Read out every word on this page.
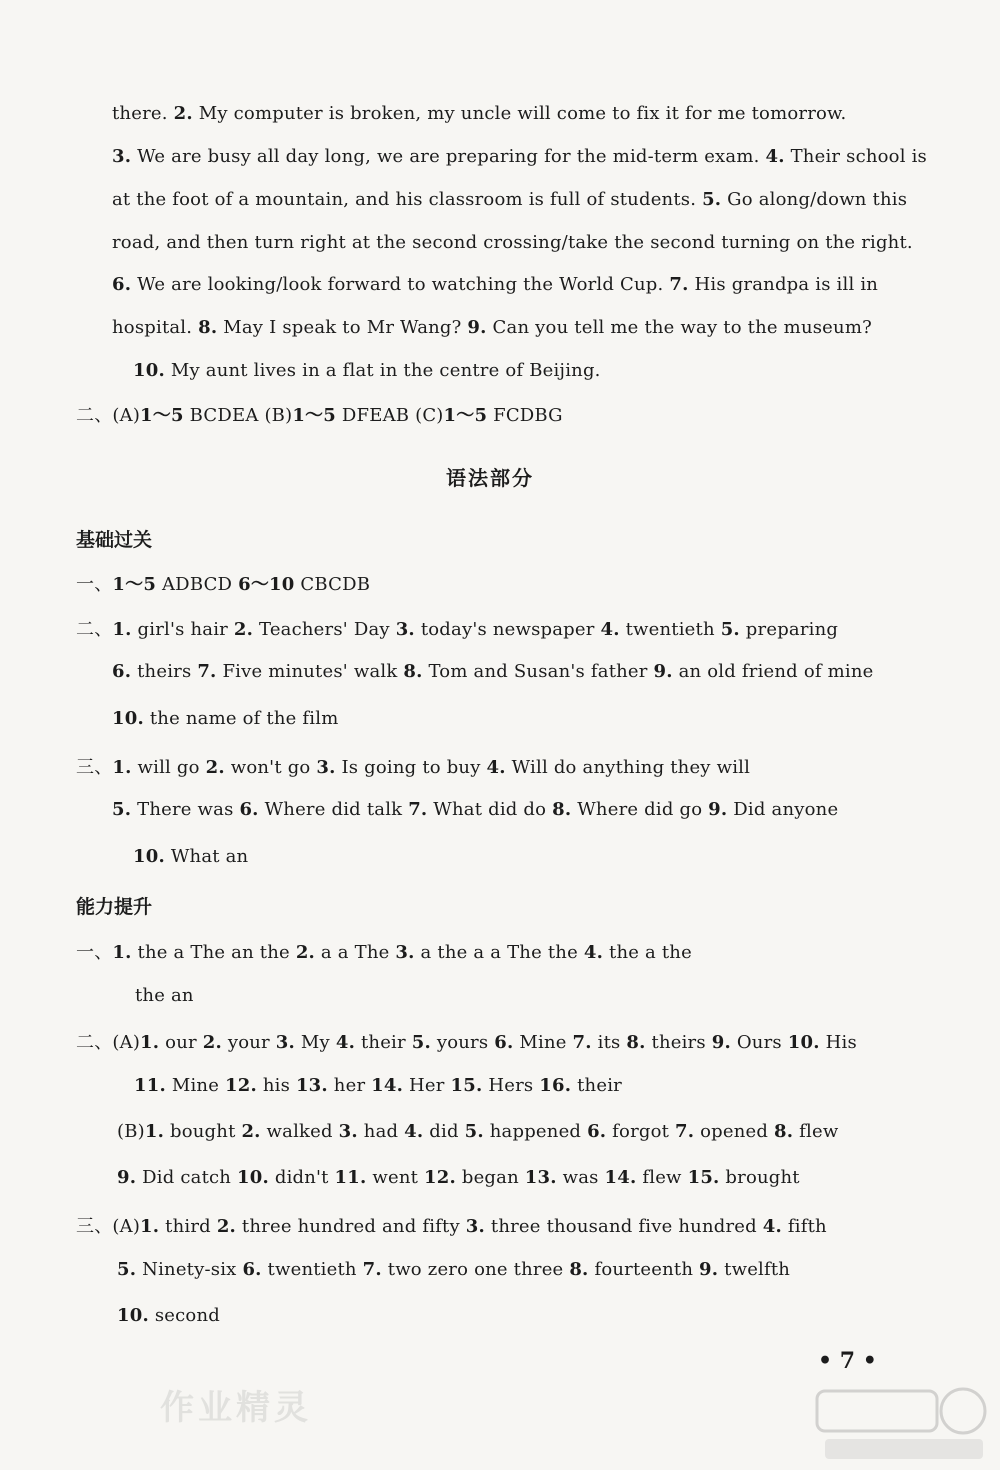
there. 2. My computer is broken, my uncle will come to fix it for me tomorrow.
3. We are busy all day long, we are preparing for the mid-term exam. 4. Their school is
at the foot of a mountain, and his classroom is full of students. 5. Go along/down this
road, and then turn right at the second crossing/take the second turning on the right.
6. We are looking/look forward to watching the World Cup. 7. His grandpa is ill in
hospital. 8. May I speak to Mr Wang? 9. Can you tell me the way to the museum?
10. My aunt lives in a flat in the centre of Beijing.
二、(A)1～5 BCDEA (B)1～5 DFEAB (C)1～5 FCDBG
语法部分
基础过关
一、1～5 ADBCD 6～10 CBCDB
二、1. girl's hair 2. Teachers' Day 3. today's newspaper 4. twentieth 5. preparing
6. theirs 7. Five minutes' walk 8. Tom and Susan's father 9. an old friend of mine
10. the name of the film
三、1. will go 2. won't go 3. Is going to buy 4. Will do anything they will
5. There was 6. Where did talk 7. What did do 8. Where did go 9. Did anyone
10. What an
能力提升
一、1. the a The an the 2. a a The 3. a the a a The the 4. the a the
the an
二、(A)1. our 2. your 3. My 4. their 5. yours 6. Mine 7. its 8. theirs 9. Ours 10. His
11. Mine 12. his 13. her 14. Her 15. Hers 16. their
(B)1. bought 2. walked 3. had 4. did 5. happened 6. forgot 7. opened 8. flew
9. Did catch 10. didn't 11. went 12. began 13. was 14. flew 15. brought
三、(A)1. third 2. three hundred and fifty 3. three thousand five hundred 4. fifth
5. Ninety-six 6. twentieth 7. two zero one three 8. fourteenth 9. twelfth
10. second
• 7 •
作业精灵
